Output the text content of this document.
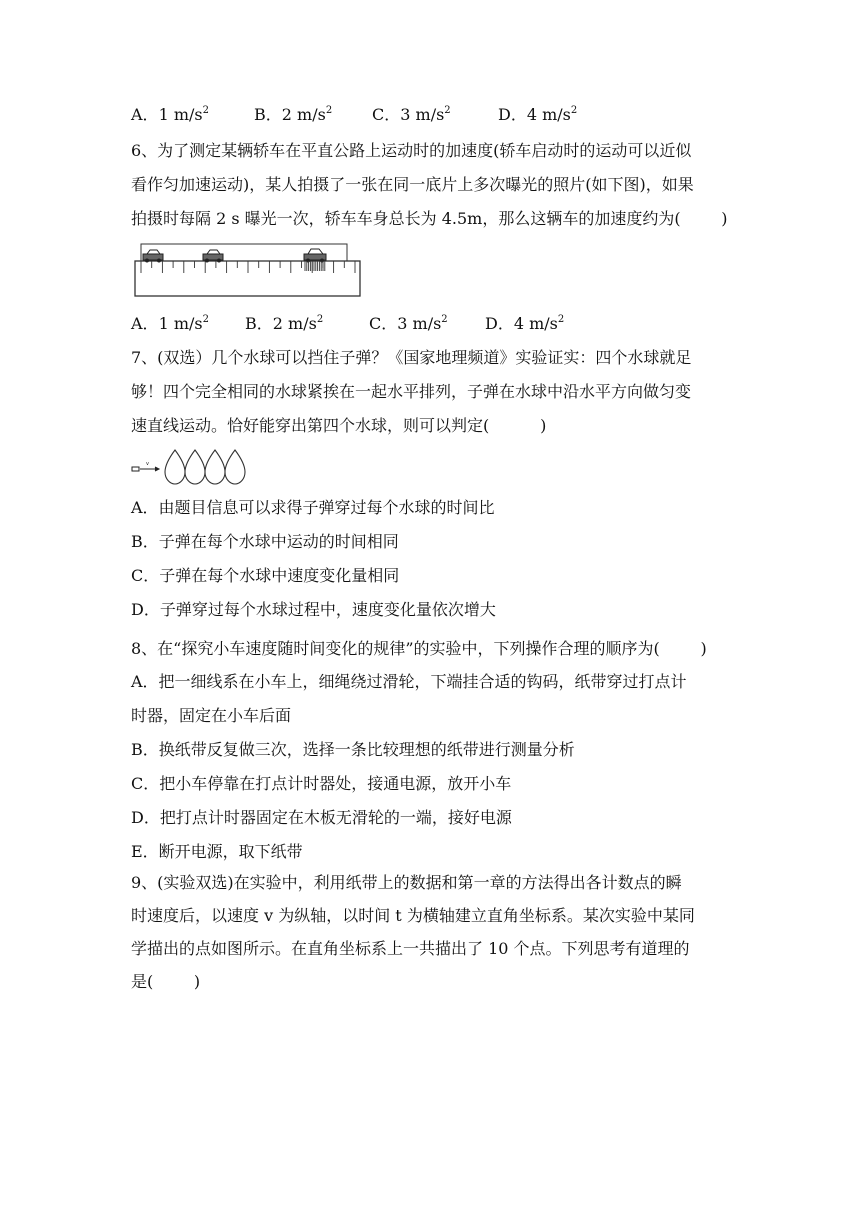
A．1 $m/s^2$	B．2 $m/s^2$ C．3 $m/s^2$	D．4 $m/s^2$
6、为了测定某辆轿车在平直公路上运动时的加速度(轿车启动时的运动可以近似
看作匀加速运动)，某人拍摄了一张在同一底片上多次曝光的照片(如下图)，如果
拍摄时每隔 2 s 曝光一次，轿车车身总长为 4.5m，那么这辆车的加速度约为(        )
A．1 $m/s^2$ B．2 $m/s^2$	C．3 $m/s^2$ D．4 $m/s^2$
7、(双选）几个水球可以挡住子弹？《国家地理频道》实验证实：四个水球就足
够！四个完全相同的水球紧挨在一起水平排列，子弹在水球中沿水平方向做匀变
速直线运动。恰好能穿出第四个水球，则可以判定(          )
v
A．由题目信息可以求得子弹穿过每个水球的时间比
B．子弹在每个水球中运动的时间相同
C．子弹在每个水球中速度变化量相同
D．子弹穿过每个水球过程中，速度变化量依次增大
8、在“探究小车速度随时间变化的规律”的实验中，下列操作合理的顺序为(        )
A．把一细线系在小车上，细绳绕过滑轮，下端挂合适的钩码，纸带穿过打点计
时器，固定在小车后面
B．换纸带反复做三次，选择一条比较理想的纸带进行测量分析
C．把小车停靠在打点计时器处，接通电源，放开小车
D．把打点计时器固定在木板无滑轮的一端，接好电源
E．断开电源，取下纸带
9、(实验双选)在实验中，利用纸带上的数据和第一章的方法得出各计数点的瞬
时速度后，以速度 v 为纵轴，以时间 t 为横轴建立直角坐标系。某次实验中某同
学描出的点如图所示。在直角坐标系上一共描出了 10 个点。下列思考有道理的
是(        )
